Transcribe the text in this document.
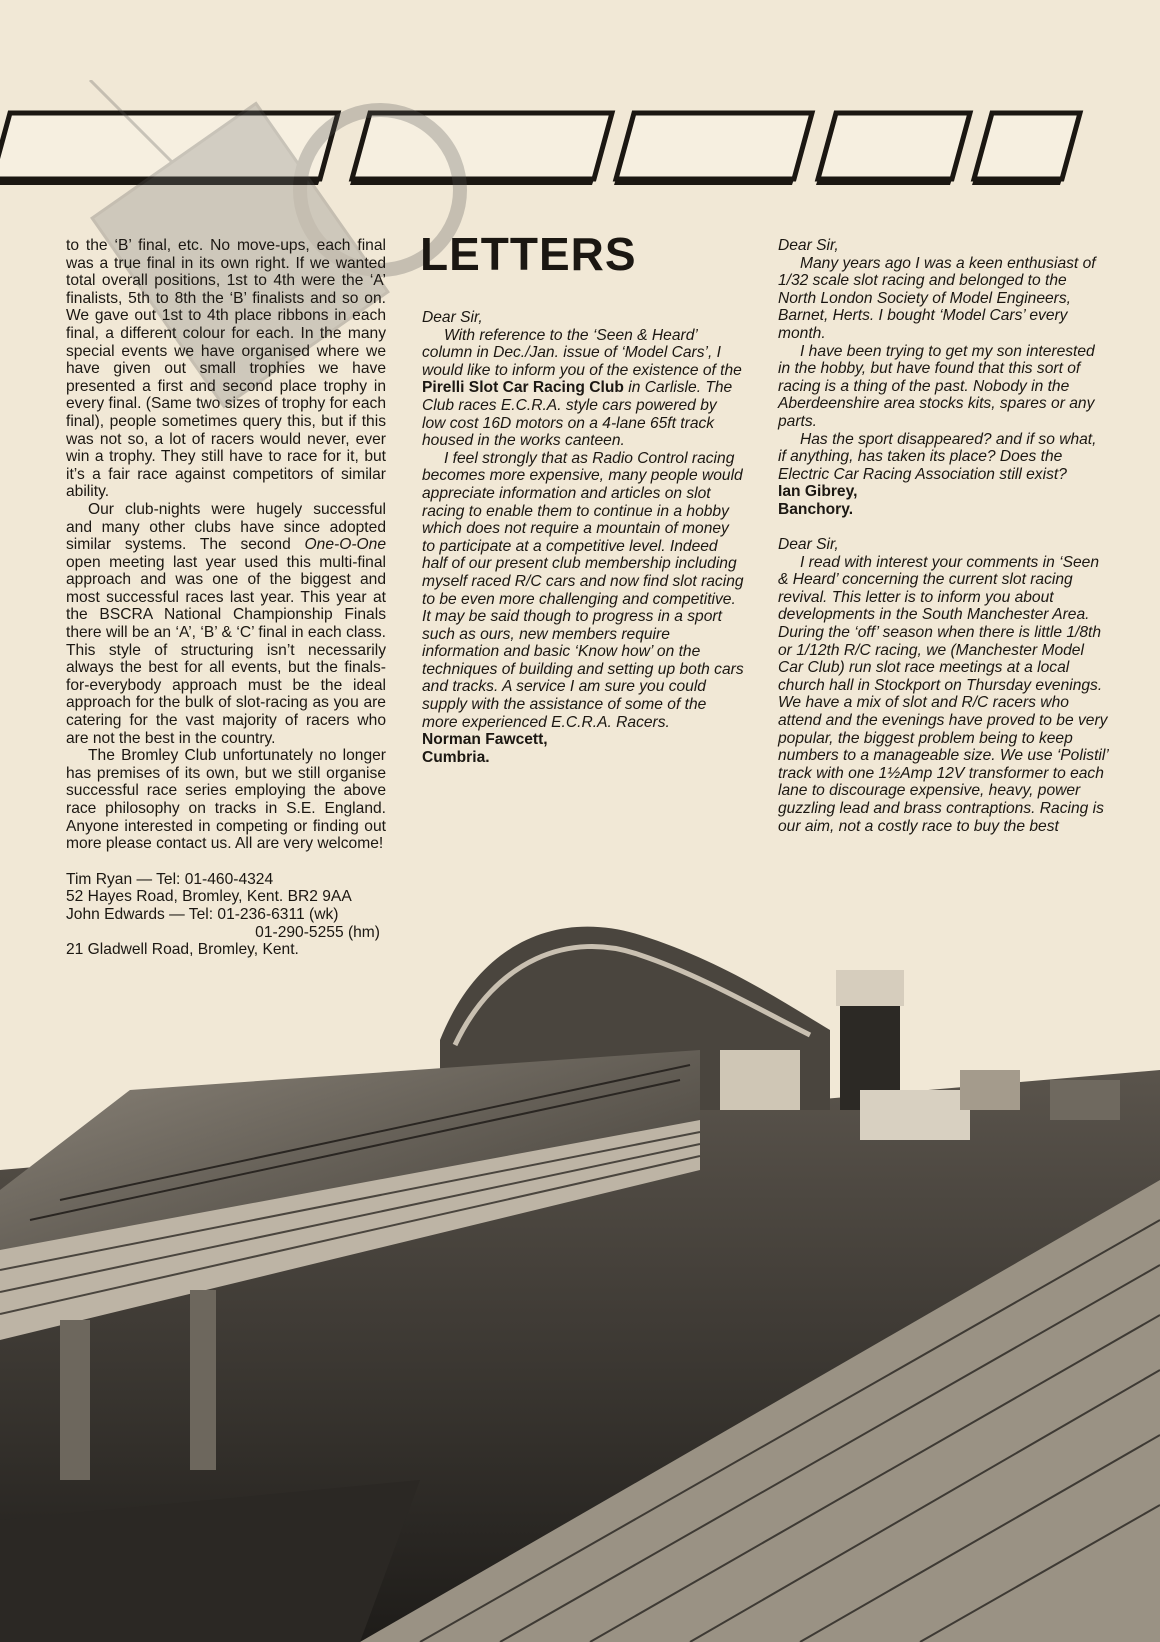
to the ‘B’ final, etc. No move-ups, each final was a true final in its own right. If we wanted total overall positions, 1st to 4th were the ‘A’ finalists, 5th to 8th the ‘B’ finalists and so on. We gave out 1st to 4th place ribbons in each final, a different colour for each. In the many special events we have organised where we have given out small trophies we have presented a first and second place trophy in every final. (Same two sizes of trophy for each final), people sometimes query this, but if this was not so, a lot of racers would never, ever win a trophy. They still have to race for it, but it’s a fair race against competitors of similar ability.

Our club-nights were hugely successful and many other clubs have since adopted similar systems. The second One-O-One open meeting last year used this multi-final approach and was one of the biggest and most successful races last year. This year at the BSCRA National Championship Finals there will be an ‘A’, ‘B’ & ‘C’ final in each class. This style of structuring isn’t necessarily always the best for all events, but the finals-for-everybody approach must be the ideal approach for the bulk of slot-racing as you are catering for the vast majority of racers who are not the best in the country.

The Bromley Club unfortunately no longer has premises of its own, but we still organise successful race series employing the above race philosophy on tracks in S.E. England. Anyone interested in competing or finding out more please contact us. All are very welcome!

Tim Ryan — Tel: 01-460-4324
52 Hayes Road, Bromley, Kent. BR2 9AA
John Edwards — Tel: 01-236-6311 (wk)
01-290-5255 (hm)
21 Gladwell Road, Bromley, Kent.
LETTERS

Dear Sir,

With reference to the ‘Seen & Heard’ column in Dec./Jan. issue of ‘Model Cars’, I would like to inform you of the existence of the Pirelli Slot Car Racing Club in Carlisle. The Club races E.C.R.A. style cars powered by low cost 16D motors on a 4-lane 65ft track housed in the works canteen.

I feel strongly that as Radio Control racing becomes more expensive, many people would appreciate information and articles on slot racing to enable them to continue in a hobby which does not require a mountain of money to participate at a competitive level. Indeed half of our present club membership including myself raced R/C cars and now find slot racing to be even more challenging and competitive. It may be said though to progress in a sport such as ours, new members require information and basic ‘Know how’ on the techniques of building and setting up both cars and tracks. A service I am sure you could supply with the assistance of some of the more experienced E.C.R.A. Racers.

Norman Fawcett,

Cumbria.

Dear Sir,

Many years ago I was a keen enthusiast of 1/32 scale slot racing and belonged to the North London Society of Model Engineers, Barnet, Herts. I bought ‘Model Cars’ every month.

I have been trying to get my son interested in the hobby, but have found that this sort of racing is a thing of the past. Nobody in the Aberdeenshire area stocks kits, spares or any parts.

Has the sport disappeared? and if so what, if anything, has taken its place? Does the Electric Car Racing Association still exist?

Ian Gibrey,

Banchory.

Dear Sir,

I read with interest your comments in ‘Seen & Heard’ concerning the current slot racing revival. This letter is to inform you about developments in the South Manchester Area. During the ‘off’ season when there is little 1/8th or 1/12th R/C racing, we (Manchester Model Car Club) run slot race meetings at a local church hall in Stockport on Thursday evenings. We have a mix of slot and R/C racers who attend and the evenings have proved to be very popular, the biggest problem being to keep numbers to a manageable size. We use ‘Polistil’ track with one 1½Amp 12V transformer to each lane to discourage expensive, heavy, power guzzling lead and brass contraptions. Racing is our aim, not a costly race to buy the best
